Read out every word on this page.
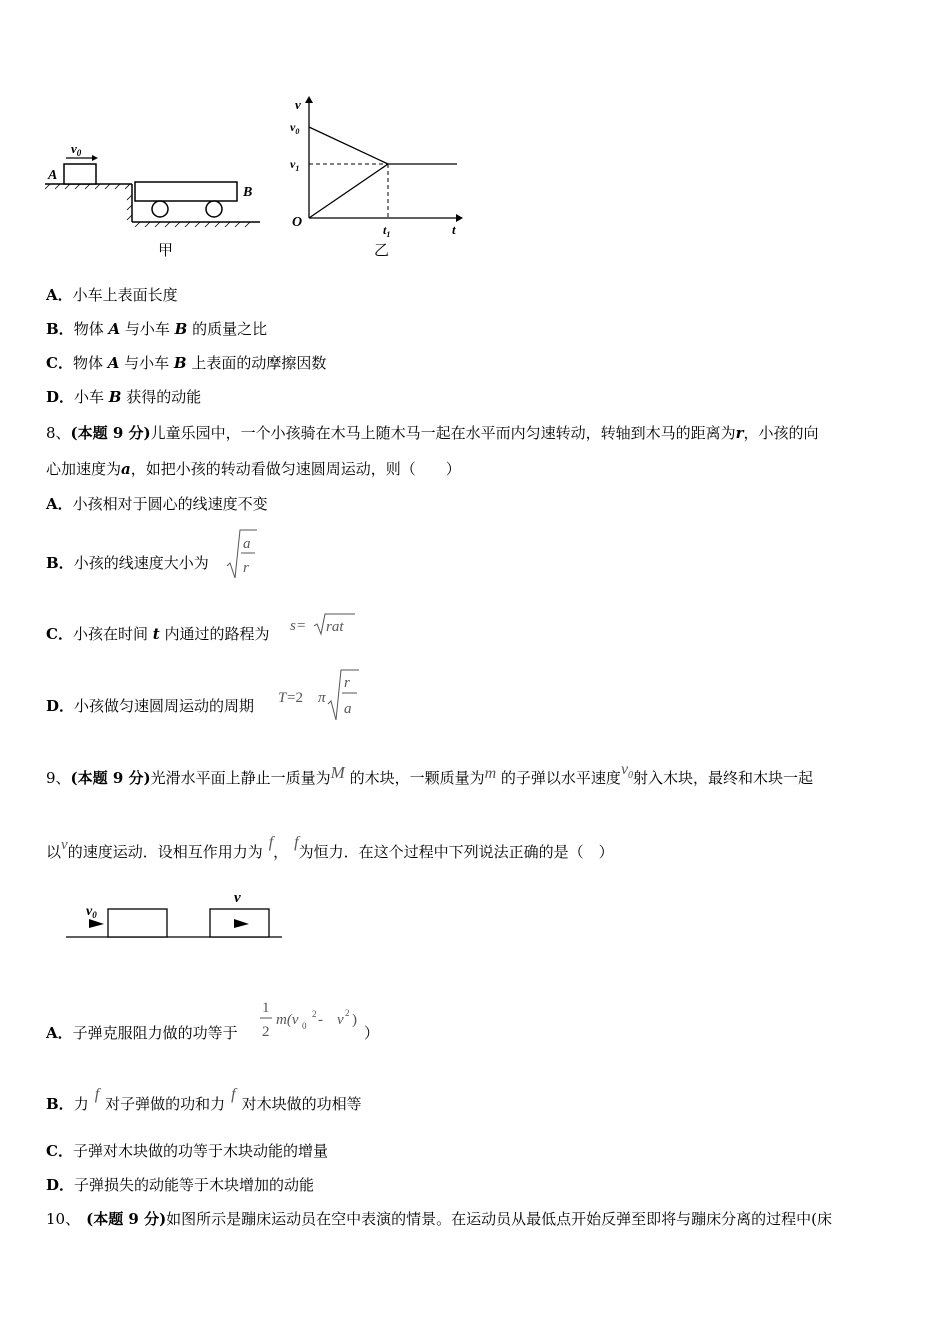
$v_0$
A
B
甲
v
$v_0$
$v_1$
O	$t_1$	t
乙
A．小车上表面长度
B．物体 A 与小车 B 的质量之比
C．物体 A 与小车 B 上表面的动摩擦因数
D．小车 B 获得的动能
8、(本题 9 分)儿童乐园中，一个小孩骑在木马上随木马一起在水平而内匀速转动，转轴到木马的距离为r，小孩的向
心加速度为a，如把小孩的转动看做匀速圆周运动，则（　　）
A．小孩相对于圆心的线速度不变
B．小孩的线速度大小为
a
r
C．小孩在时间 t 内通过的路程为 s = rat
D．小孩做匀速圆周运动的周期 T =2 π
r
a
9、(本题 9 分)光滑水平面上静止一质量为M 的木块，一颗质量为m 的子弹以水平速度$v_0$射入木块，最终和木块一起
以v的速度运动．设相互作用力为f，f为恒力．在这个过程中下列说法正确的是（　）
$v_0$
v
A．子弹克服阻力做的功等于
1
2
m(v 0
2 - v 2 )
）
B．力f对子弹做的功和力f对木块做的功相等
C．子弹对木块做的功等于木块动能的增量
D．子弹损失的动能等于木块增加的动能
10、 (本题 9 分)如图所示是蹦床运动员在空中表演的情景。在运动员从最低点开始反弹至即将与蹦床分离的过程中(床
